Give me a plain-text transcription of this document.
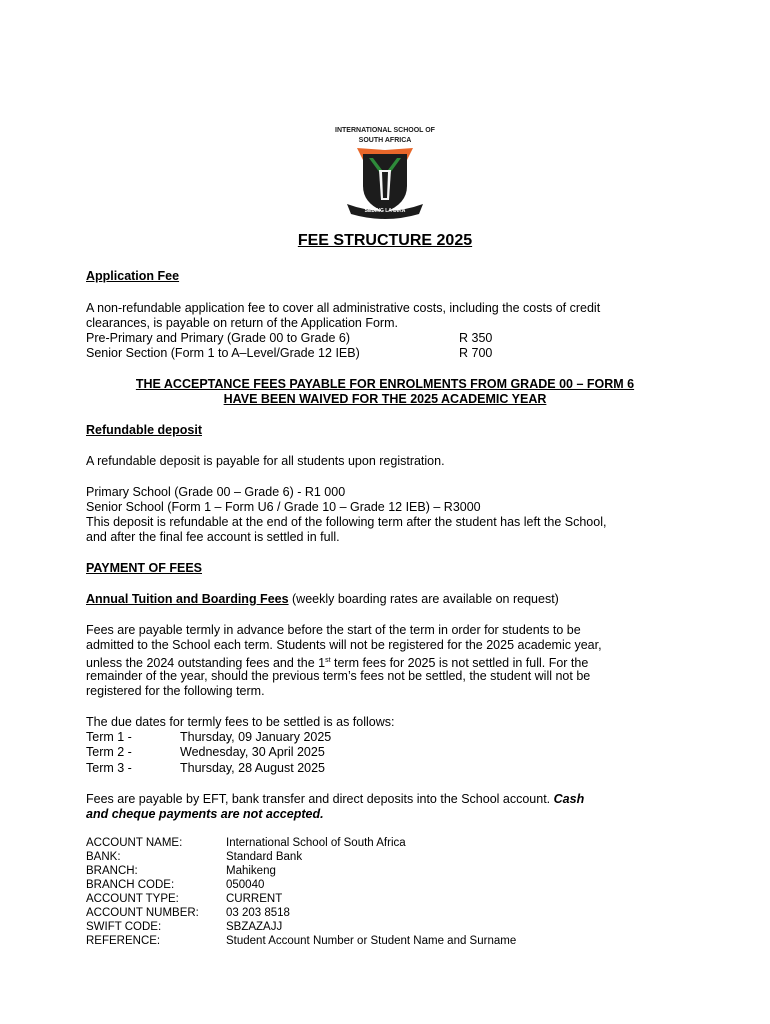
INTERNATIONAL SCHOOL OF SOUTH AFRICA
SEDING LA DIKA
FEE STRUCTURE 2025
Application Fee
A non-refundable application fee to cover all administrative costs, including the costs of credit
clearances, is payable on return of the Application Form.
Pre-Primary and Primary (Grade 00 to Grade 6)	R 350
Senior Section (Form 1 to A–Level/Grade 12 IEB)	R 700
THE ACCEPTANCE FEES PAYABLE FOR ENROLMENTS FROM GRADE 00 – FORM 6
HAVE BEEN WAIVED FOR THE 2025 ACADEMIC YEAR
Refundable deposit
A refundable deposit is payable for all students upon registration.
Primary School (Grade 00 – Grade 6) - R1 000
Senior School (Form 1 – Form U6 / Grade 10 – Grade 12 IEB) – R3000
This deposit is refundable at the end of the following term after the student has left the School,
and after the final fee account is settled in full.
PAYMENT OF FEES
Annual Tuition and Boarding Fees (weekly boarding rates are available on request)
Fees are payable termly in advance before the start of the term in order for students to be
admitted to the School each term. Students will not be registered for the 2025 academic year,
unless the 2024 outstanding fees and the 1st term fees for 2025 is not settled in full. For the
remainder of the year, should the previous term’s fees not be settled, the student will not be
registered for the following term.
The due dates for termly fees to be settled is as follows:
Term 1 -	Thursday, 09 January 2025
Term 2 -	Wednesday, 30 April 2025
Term 3 -	Thursday, 28 August 2025
Fees are payable by EFT, bank transfer and direct deposits into the School account. Cash
and cheque payments are not accepted.
ACCOUNT NAME:	International School of South Africa
BANK:	Standard Bank
BRANCH:	Mahikeng
BRANCH CODE:	050040
ACCOUNT TYPE:	CURRENT
ACCOUNT NUMBER: 03 203 8518
SWIFT CODE:	SBZAZAJJ
REFERENCE:	Student Account Number or Student Name and Surname
